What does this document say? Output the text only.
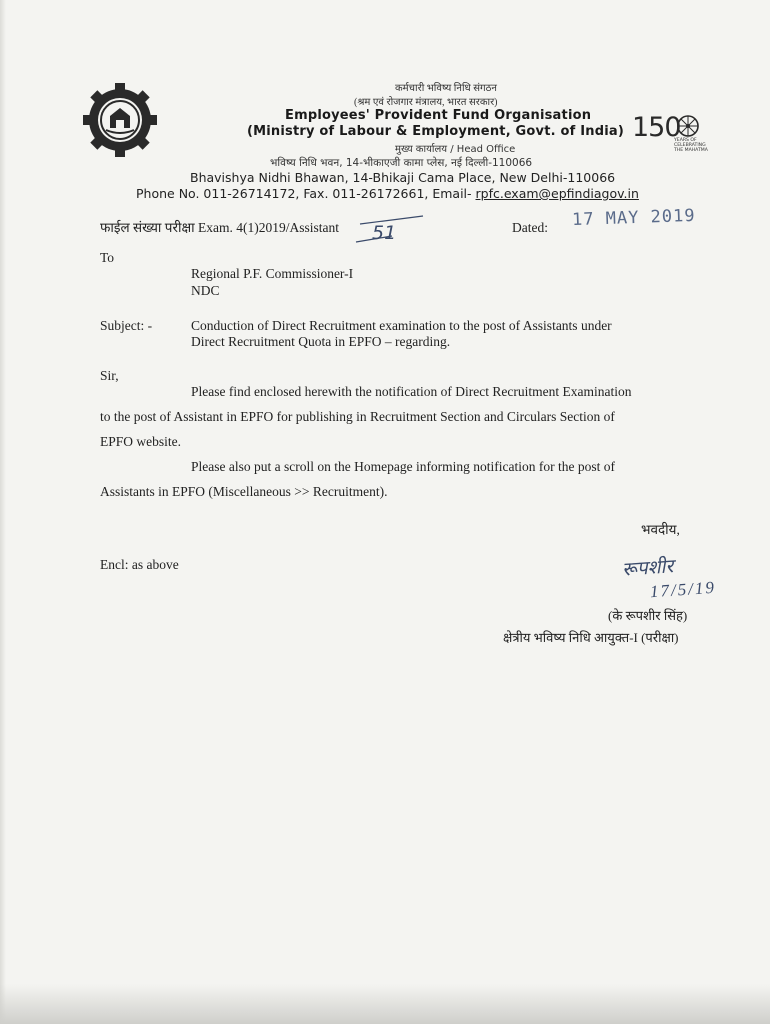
कर्मचारी भविष्य निधि संगठन
(श्रम एवं रोजगार मंत्रालय, भारत सरकार)
Employees' Provident Fund Organisation
(Ministry of Labour & Employment, Govt. of India)
मुख्य कार्यालय / Head Office
भविष्य निधि भवन, 14-भीकाएजी कामा प्लेस, नई दिल्ली-110066
Bhavishya Nidhi Bhawan, 14-Bhikaji Cama Place, New Delhi-110066
Phone No. 011-26714172, Fax. 011-26172661, Email- rpfc.exam@epfindiagov.in
150
YEARS OF CELEBRATING THE MAHATMA
फाईल संख्या परीक्षा Exam. 4(1)2019/Assistant 51	Dated: 17 MAY 2019
To
Regional P.F. Commissioner-I
NDC
Subject: -	Conduction of Direct Recruitment examination to the post of Assistants under
Direct Recruitment Quota in EPFO – regarding.
Sir,
Please find enclosed herewith the notification of Direct Recruitment Examination
to the post of Assistant in EPFO for publishing in Recruitment Section and Circulars Section of
EPFO website.
Please also put a scroll on the Homepage informing notification for the post of
Assistants in EPFO (Miscellaneous >> Recruitment).
भवदीय,
Encl: as above	रूपशीर
17/5/19
(के रूपशीर सिंह)
क्षेत्रीय भविष्य निधि आयुक्त-I (परीक्षा)
